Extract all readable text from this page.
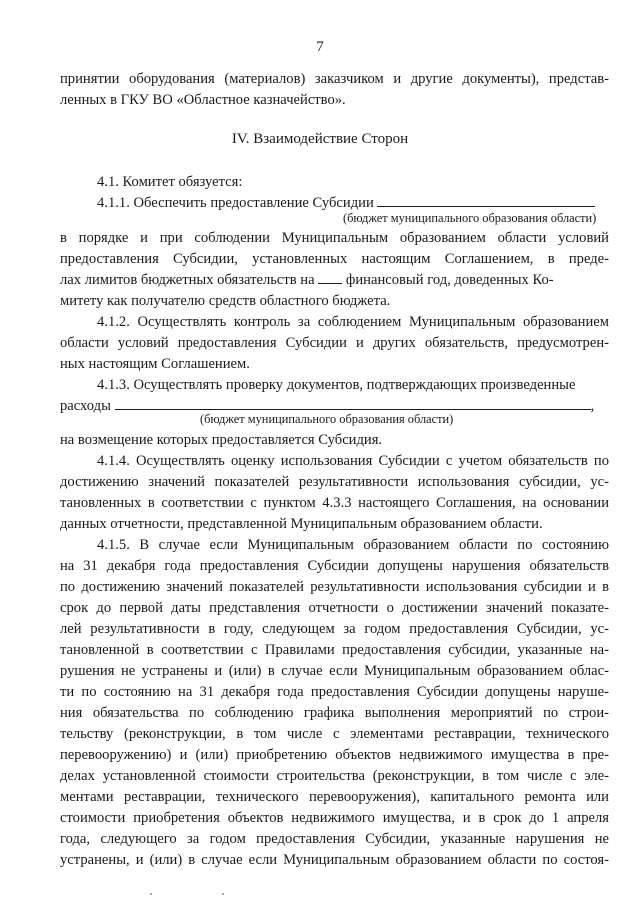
7

принятии оборудования (материалов) заказчиком и другие документы), представ-

ленных в ГКУ ВО «Областное казначейство».

IV. Взаимодействие Сторон

4.1. Комитет обязуется:

4.1.1. Обеспечить предоставление Субсидии

(бюджет муниципального образования области)

в порядке и при соблюдении Муниципальным образованием области условий

предоставления Субсидии, установленных настоящим Соглашением, в преде-

лах лимитов бюджетных обязательств на финансовый год, доведенных Ко-

митету как получателю средств областного бюджета.

4.1.2. Осуществлять контроль за соблюдением Муниципальным образованием

области условий предоставления Субсидии и других обязательств, предусмотрен-

ных настоящим Соглашением.

4.1.3. Осуществлять проверку документов, подтверждающих произведенные

расходы	,

(бюджет муниципального образования области)

на возмещение которых предоставляется Субсидия.

4.1.4. Осуществлять оценку использования Субсидии с учетом обязательств по

достижению значений показателей результативности использования субсидии, ус-

тановленных в соответствии с пунктом 4.3.3 настоящего Соглашения, на основании

данных отчетности, представленной Муниципальным образованием области.

4.1.5. В случае если Муниципальным образованием области по состоянию

на 31 декабря года предоставления Субсидии допущены нарушения обязательств

по достижению значений показателей результативности использования субсидии и в

срок до первой даты представления отчетности о достижении значений показате-

лей результативности в году, следующем за годом предоставления Субсидии, ус-

тановленной в соответствии с Правилами предоставления субсидии, указанные на-

рушения не устранены и (или) в случае если Муниципальным образованием облас-

ти по состоянию на 31 декабря года предоставления Субсидии допущены наруше-

ния обязательства по соблюдению графика выполнения мероприятий по строи-

тельству (реконструкции, в том числе с элементами реставрации, технического

перевооружению) и (или) приобретению объектов недвижимого имущества в пре-

делах установленной стоимости строительства (реконструкции, в том числе с эле-

ментами реставрации, технического перевооружения), капитального ремонта или

стоимости приобретения объектов недвижимого имущества, и в срок до 1 апреля

года, следующего за годом предоставления Субсидии, указанные нарушения не

устранены, и (или) в случае если Муниципальным образованием области по состоя-
